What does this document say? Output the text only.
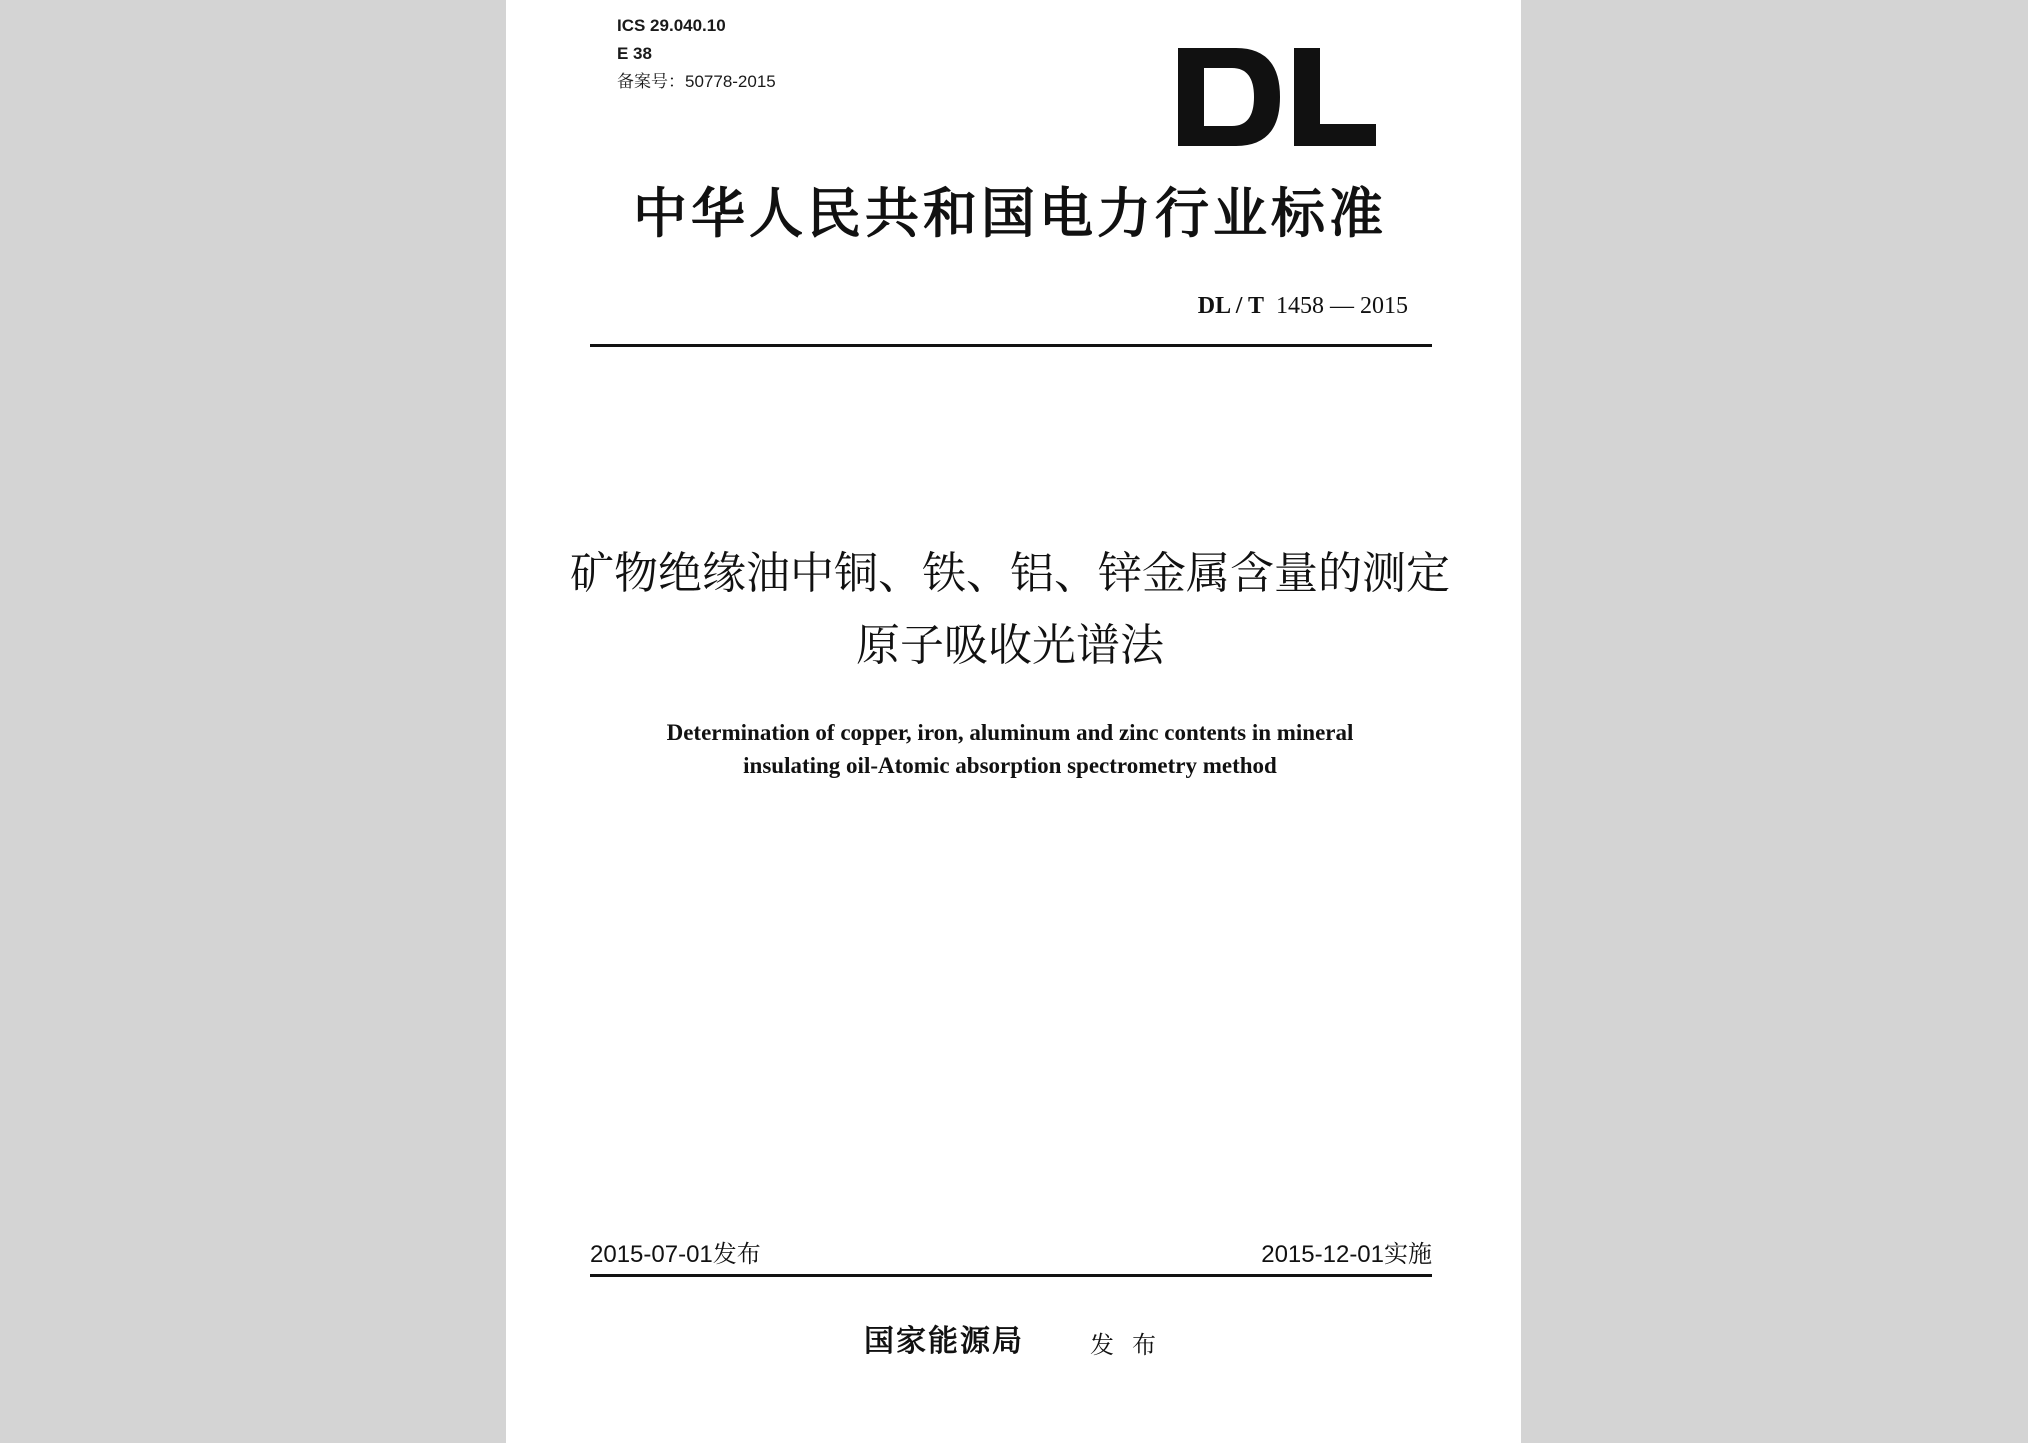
ICS 29.040.10
E 38
备案号：50778-2015
中华人民共和国电力行业标准
DL / T 1458 — 2015
矿物绝缘油中铜、铁、铝、锌金属含量的测定
原子吸收光谱法
Determination of copper, iron, aluminum and zinc contents in mineral
insulating oil-Atomic absorption spectrometry method
2015-07-01发布	2015-12-01实施
国家能源局	发布
